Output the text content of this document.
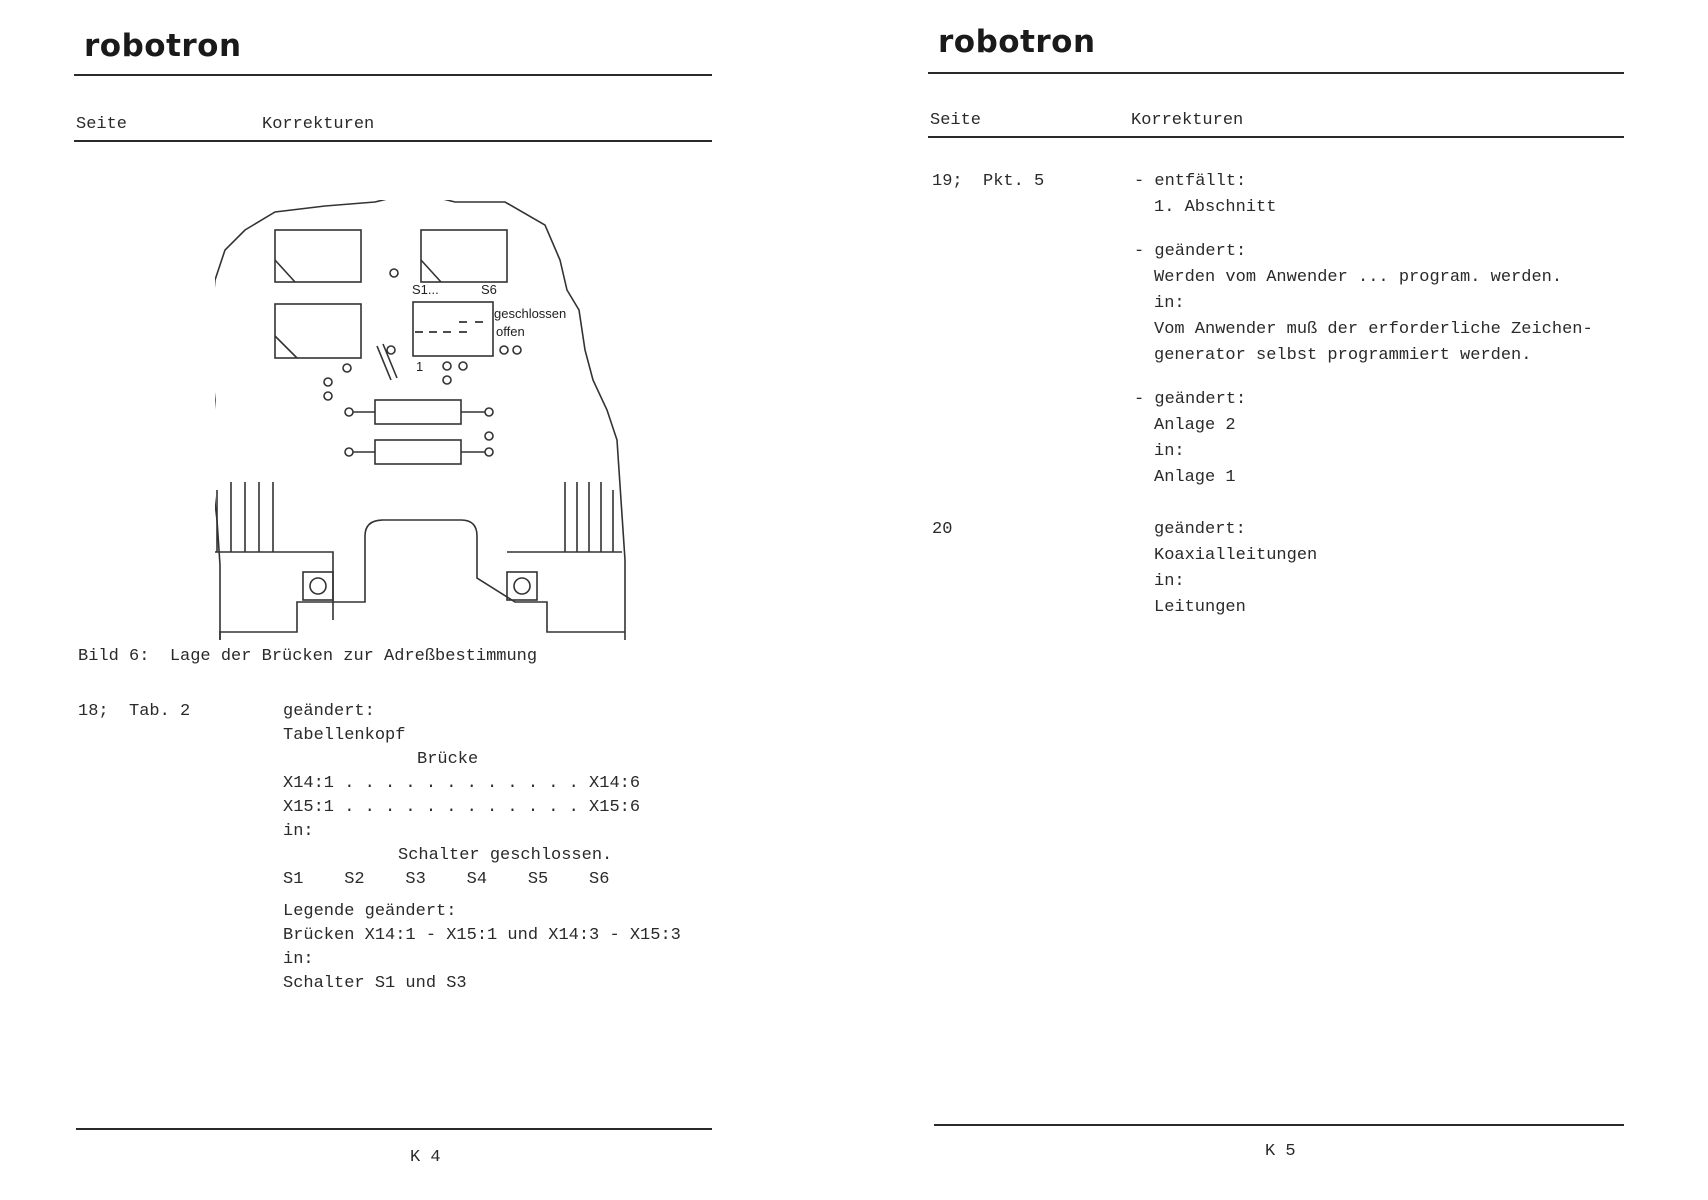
robotron
Seite	Korrekturen
S1...	S6
geschlossen
offen
1
Bild 6:  Lage der Brücken zur Adreßbestimmung
18;  Tab. 2	geändert:
Tabellenkopf
Brücke
X14:1 . . . . . . . . . . . . X14:6
X15:1 . . . . . . . . . . . . X15:6
in:
Schalter geschlossen.
S1    S2    S3    S4    S5    S6
Legende geändert:
Brücken X14:1 - X15:1 und X14:3 - X15:3
in:
Schalter S1 und S3
K 4
robotron
Seite	Korrekturen
19;  Pkt. 5	- entfällt:
1. Abschnitt
- geändert:
Werden vom Anwender ... program. werden.
in:
Vom Anwender muß der erforderliche Zeichen-
generator selbst programmiert werden.
- geändert:
Anlage 2
in:
Anlage 1
20	geändert:
Koaxialleitungen
in:
Leitungen
K 5
